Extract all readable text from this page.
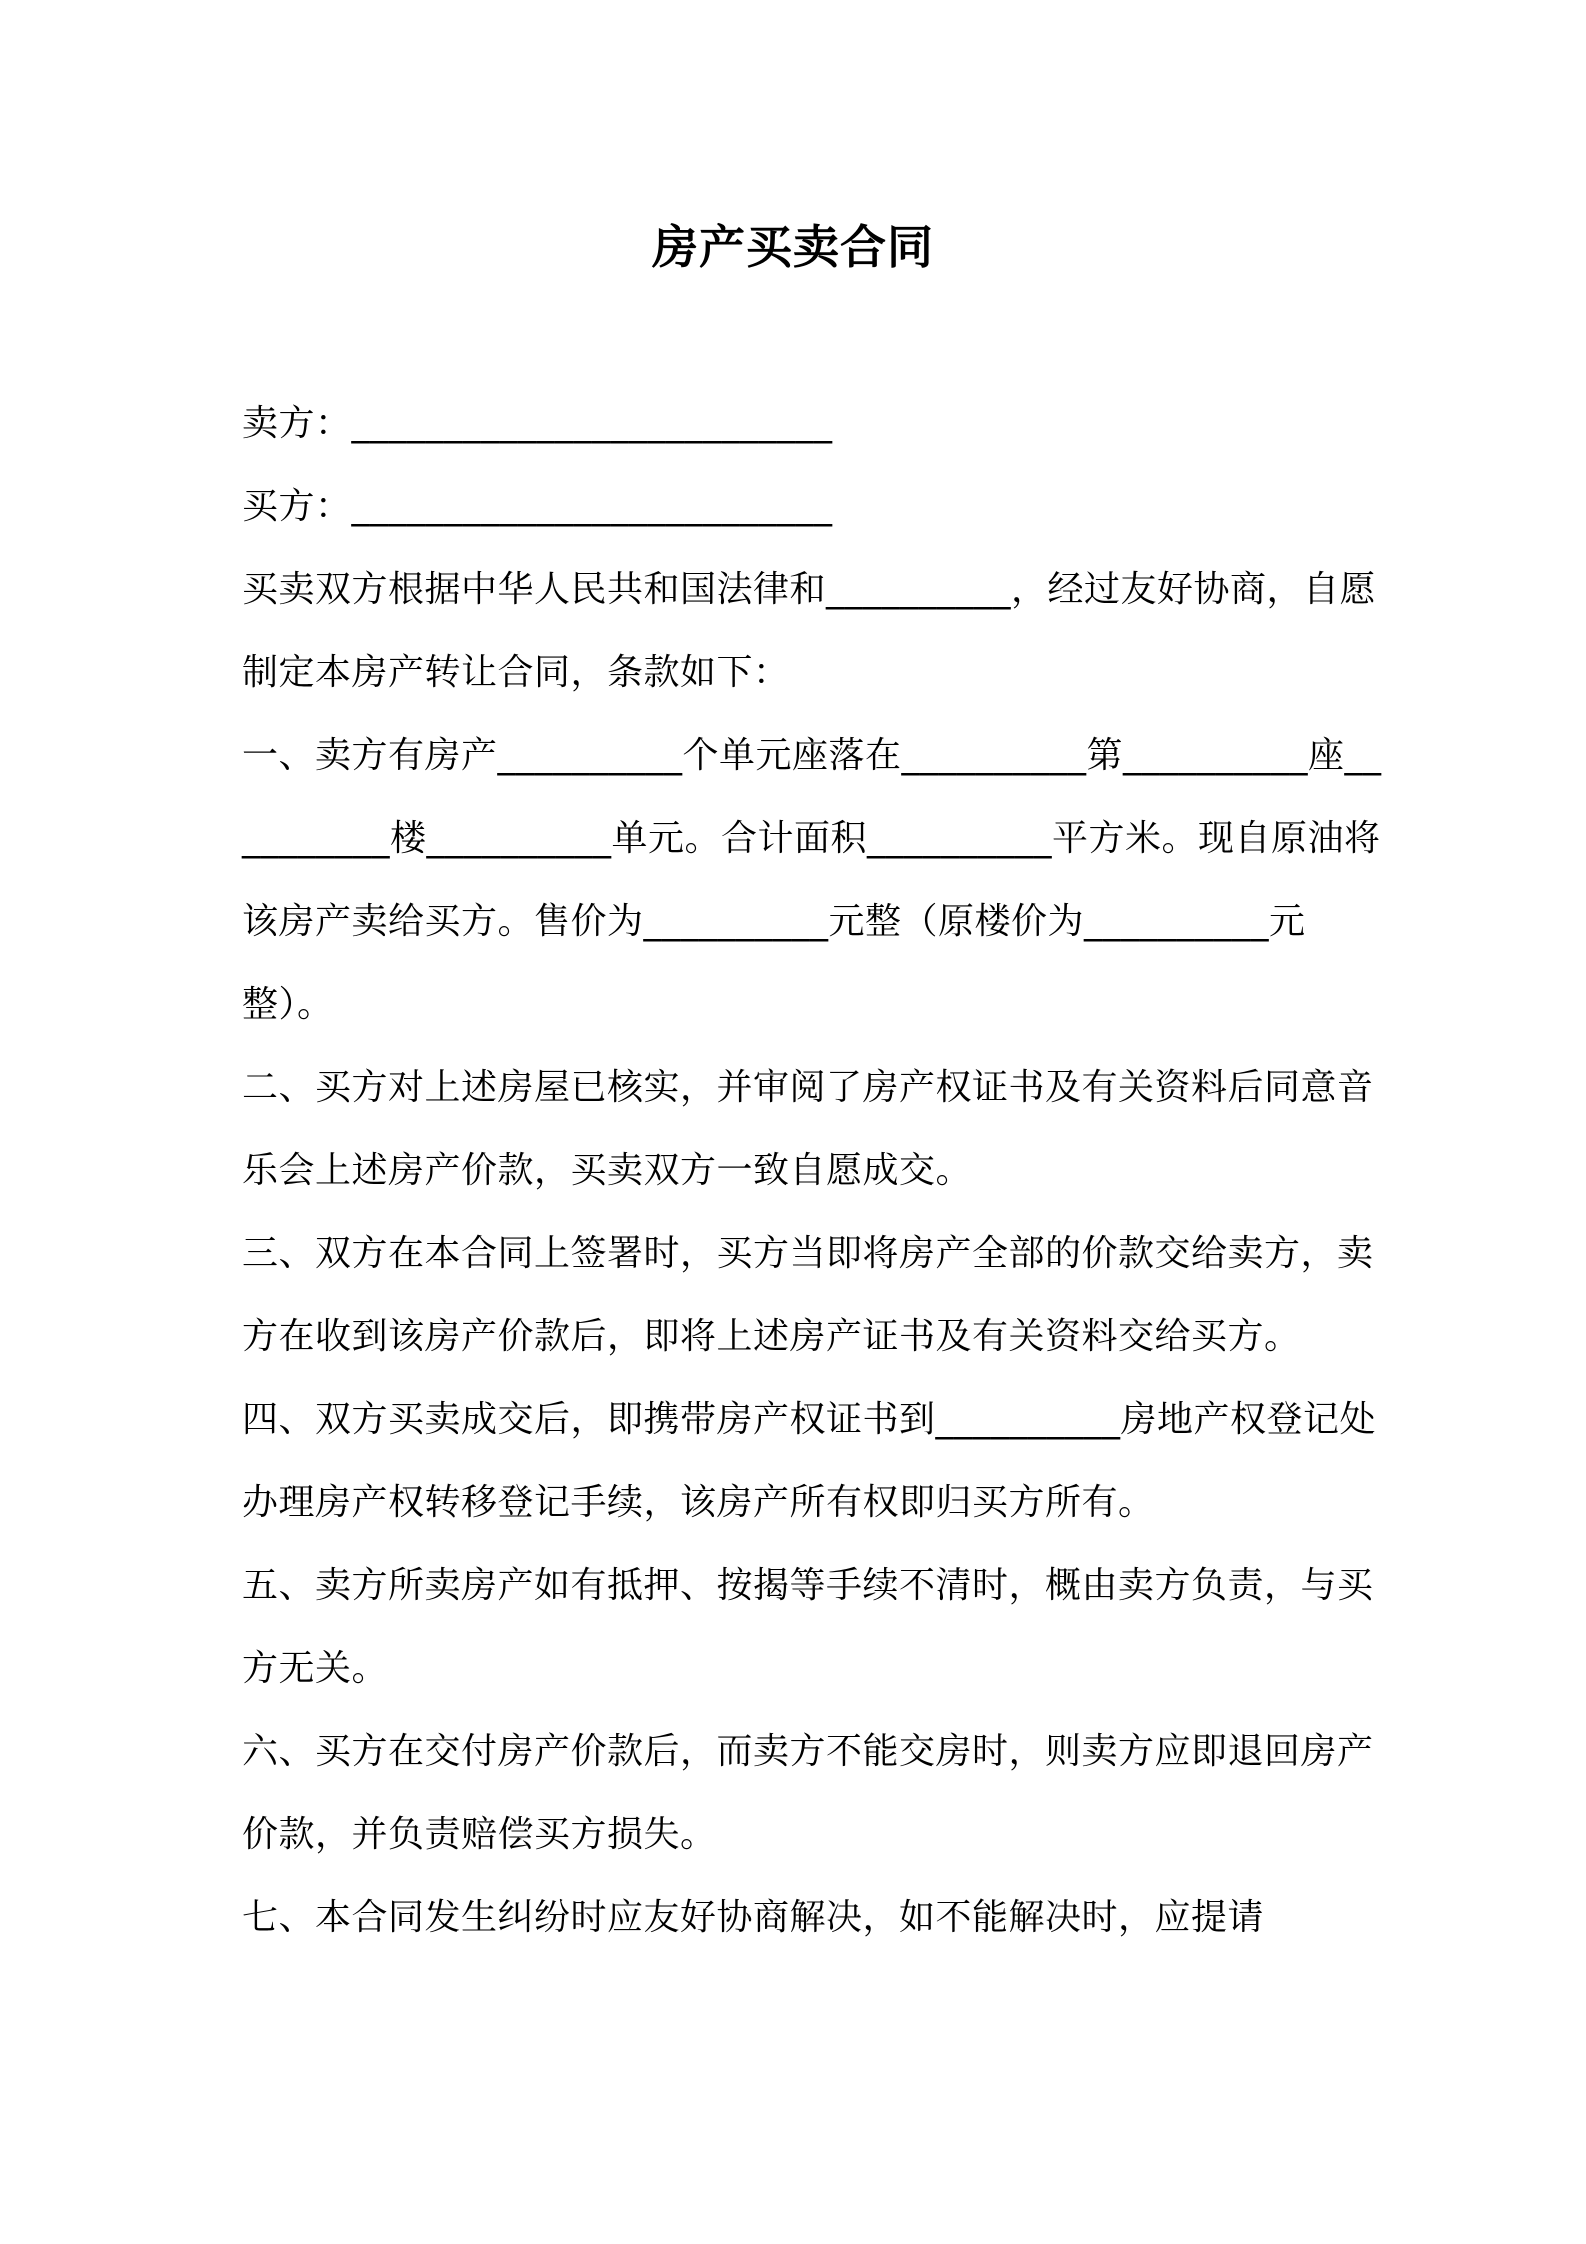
房产买卖合同
卖方：__________________________
买方：__________________________
买卖双方根据中华人民共和国法律和__________，经过友好协商，自愿制定本房产转让合同，条款如下：
一、卖方有房产__________个单元座落在__________第__________座__________楼__________单元。合计面积__________平方米。现自原油将该房产卖给买方。售价为__________元整（原楼价为__________元整）。
二、买方对上述房屋已核实，并审阅了房产权证书及有关资料后同意音乐会上述房产价款，买卖双方一致自愿成交。
三、双方在本合同上签署时，买方当即将房产全部的价款交给卖方，卖方在收到该房产价款后，即将上述房产证书及有关资料交给买方。
四、双方买卖成交后，即携带房产权证书到__________房地产权登记处办理房产权转移登记手续，该房产所有权即归买方所有。
五、卖方所卖房产如有抵押、按揭等手续不清时，概由卖方负责，与买方无关。
六、买方在交付房产价款后，而卖方不能交房时，则卖方应即退回房产价款，并负责赔偿买方损失。
七、本合同发生纠纷时应友好协商解决，如不能解决时，应提请
